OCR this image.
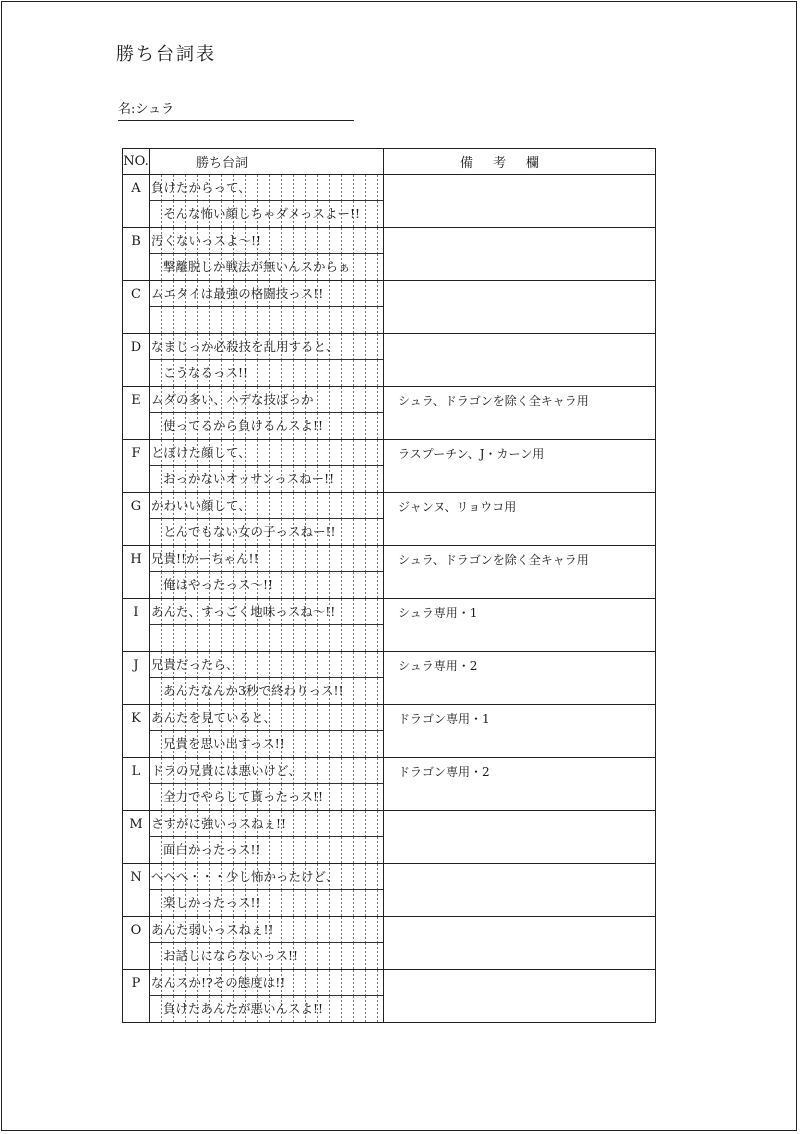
勝ち台詞表
名:シュラ
NO.	勝ち台詞	備考欄
A	負けたからって、
そんな怖い顔しちゃダメっスよー!!	

B	汚くないっスよ〜!!
撃離脱しか戦法が無いんスからぁ	

C	ムエタイは最強の格闘技っス!!	

D	なまじっか必殺技を乱用すると、
こうなるっス!!	

E	ムダの多い、ハデな技ばっか
使ってるから負けるんスよ!!	シュラ、ドラゴンを除く全キャラ用
F	とぼけた顔して、
おっかないオッサンっスねー!!	ラスプーチン、J・カーン用
G	かわいい顔して、
とんでもない女の子っスねー!!	ジャンヌ、リョウコ用
H	兄貴!!かーちゃん!!
俺はやったっス〜!!	シュラ、ドラゴンを除く全キャラ用
I	あんた、すっごく地味っスね〜!!	シュラ専用・1
J	兄貴だったら、
あんたなんか3秒で終わりっス!!	シュラ専用・2
K	あんたを見ていると、
兄貴を思い出すっス!!	ドラゴン専用・1
L	ドラの兄貴には悪いけど、
全力でやらして貰ったっス!!	ドラゴン専用・2
M	さすがに強いっスねぇ!!
面白かったっス!!	

N	へへへ・・・少し怖かったけど、
楽しかったっス!!	

O	あんた弱いっスねぇ!!
お話しにならないっス!!	

P	なんスか!?その態度は!!
負けたあんたが悪いんスよ!!	
